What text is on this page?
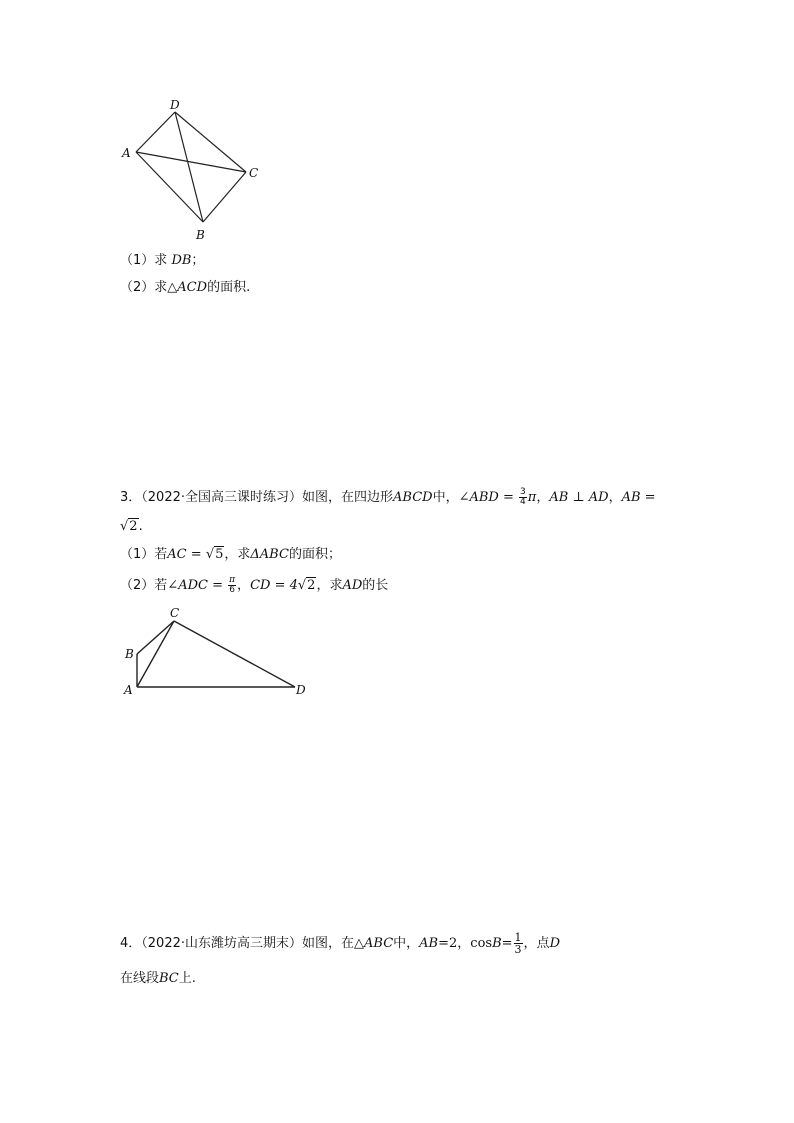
D
A
C
B
（1）求 DB；
（2）求△ACD的面积.
3．（2022·全国高三课时练习）如图，在四边形ABCD中，∠ABD = $\frac{3}{4}$ π，AB ⊥ AD，AB =
√2.
（1）若AC = √5，求ΔABC的面积；
（2）若∠ADC = $\frac{\pi}{6}$ ，CD = 4√2，求AD的长
C
B
A	D
4．（2022·山东潍坊高三期末）如图，在△ABC中，AB=2，$\cos B= \frac{1}{3}$ ，点D
在线段BC上.
